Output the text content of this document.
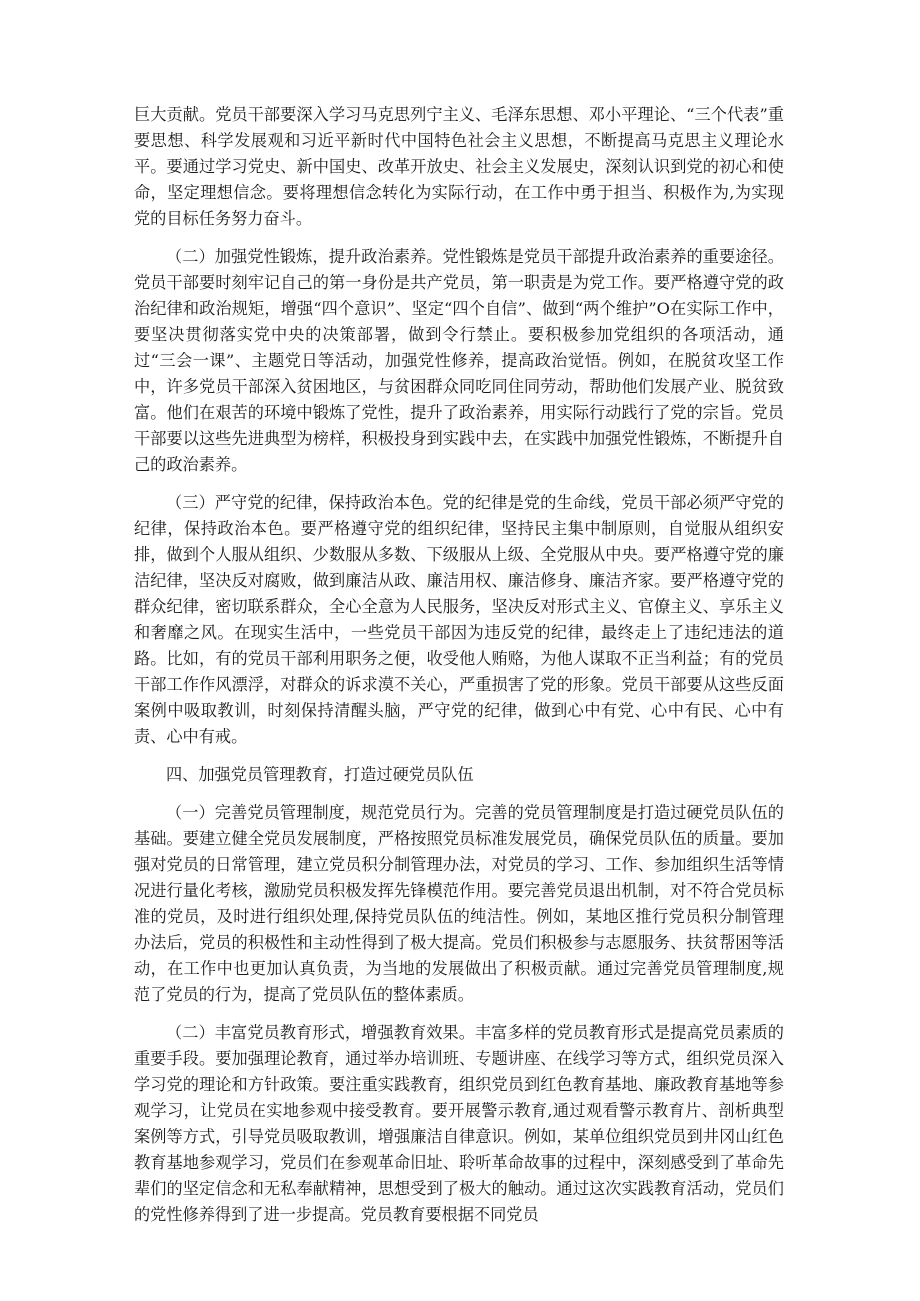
巨大贡献。党员干部要深入学习马克思列宁主义、毛泽东思想、邓小平理论、“三个代表”重要思想、科学发展观和习近平新时代中国特色社会主义思想，不断提高马克思主义理论水平。要通过学习党史、新中国史、改革开放史、社会主义发展史，深刻认识到党的初心和使命，坚定理想信念。要将理想信念转化为实际行动，在工作中勇于担当、积极作为,为实现党的目标任务努力奋斗。

（二）加强党性锻炼，提升政治素养。党性锻炼是党员干部提升政治素养的重要途径。党员干部要时刻牢记自己的第一身份是共产党员，第一职责是为党工作。要严格遵守党的政治纪律和政治规矩，增强“四个意识”、坚定“四个自信”、做到“两个维护”O在实际工作中，要坚决贯彻落实党中央的决策部署，做到令行禁止。要积极参加党组织的各项活动，通过“三会一课”、主题党日等活动，加强党性修养，提高政治觉悟。例如，在脱贫攻坚工作中，许多党员干部深入贫困地区，与贫困群众同吃同住同劳动，帮助他们发展产业、脱贫致富。他们在艰苦的环境中锻炼了党性，提升了政治素养，用实际行动践行了党的宗旨。党员干部要以这些先进典型为榜样，积极投身到实践中去，在实践中加强党性锻炼，不断提升自己的政治素养。

（三）严守党的纪律，保持政治本色。党的纪律是党的生命线，党员干部必须严守党的纪律，保持政治本色。要严格遵守党的组织纪律，坚持民主集中制原则，自觉服从组织安排，做到个人服从组织、少数服从多数、下级服从上级、全党服从中央。要严格遵守党的廉洁纪律，坚决反对腐败，做到廉洁从政、廉洁用权、廉洁修身、廉洁齐家。要严格遵守党的群众纪律，密切联系群众，全心全意为人民服务，坚决反对形式主义、官僚主义、享乐主义和奢靡之风。在现实生活中，一些党员干部因为违反党的纪律，最终走上了违纪违法的道路。比如，有的党员干部利用职务之便，收受他人贿赂，为他人谋取不正当利益；有的党员干部工作作风漂浮，对群众的诉求漠不关心，严重损害了党的形象。党员干部要从这些反面案例中吸取教训，时刻保持清醒头脑，严守党的纪律，做到心中有党、心中有民、心中有责、心中有戒。

四、加强党员管理教育，打造过硬党员队伍

（一）完善党员管理制度，规范党员行为。完善的党员管理制度是打造过硬党员队伍的基础。要建立健全党员发展制度，严格按照党员标准发展党员，确保党员队伍的质量。要加强对党员的日常管理，建立党员积分制管理办法，对党员的学习、工作、参加组织生活等情况进行量化考核，激励党员积极发挥先锋模范作用。要完善党员退出机制，对不符合党员标准的党员，及时进行组织处理,保持党员队伍的纯洁性。例如，某地区推行党员积分制管理办法后，党员的积极性和主动性得到了极大提高。党员们积极参与志愿服务、扶贫帮困等活动，在工作中也更加认真负责，为当地的发展做出了积极贡献。通过完善党员管理制度,规范了党员的行为，提高了党员队伍的整体素质。

（二）丰富党员教育形式，增强教育效果。丰富多样的党员教育形式是提高党员素质的重要手段。要加强理论教育，通过举办培训班、专题讲座、在线学习等方式，组织党员深入学习党的理论和方针政策。要注重实践教育，组织党员到红色教育基地、廉政教育基地等参观学习，让党员在实地参观中接受教育。要开展警示教育,通过观看警示教育片、剖析典型案例等方式，引导党员吸取教训，增强廉洁自律意识。例如，某单位组织党员到井冈山红色教育基地参观学习，党员们在参观革命旧址、聆听革命故事的过程中，深刻感受到了革命先辈们的坚定信念和无私奉献精神，思想受到了极大的触动。通过这次实践教育活动，党员们的党性修养得到了进一步提高。党员教育要根据不同党员
